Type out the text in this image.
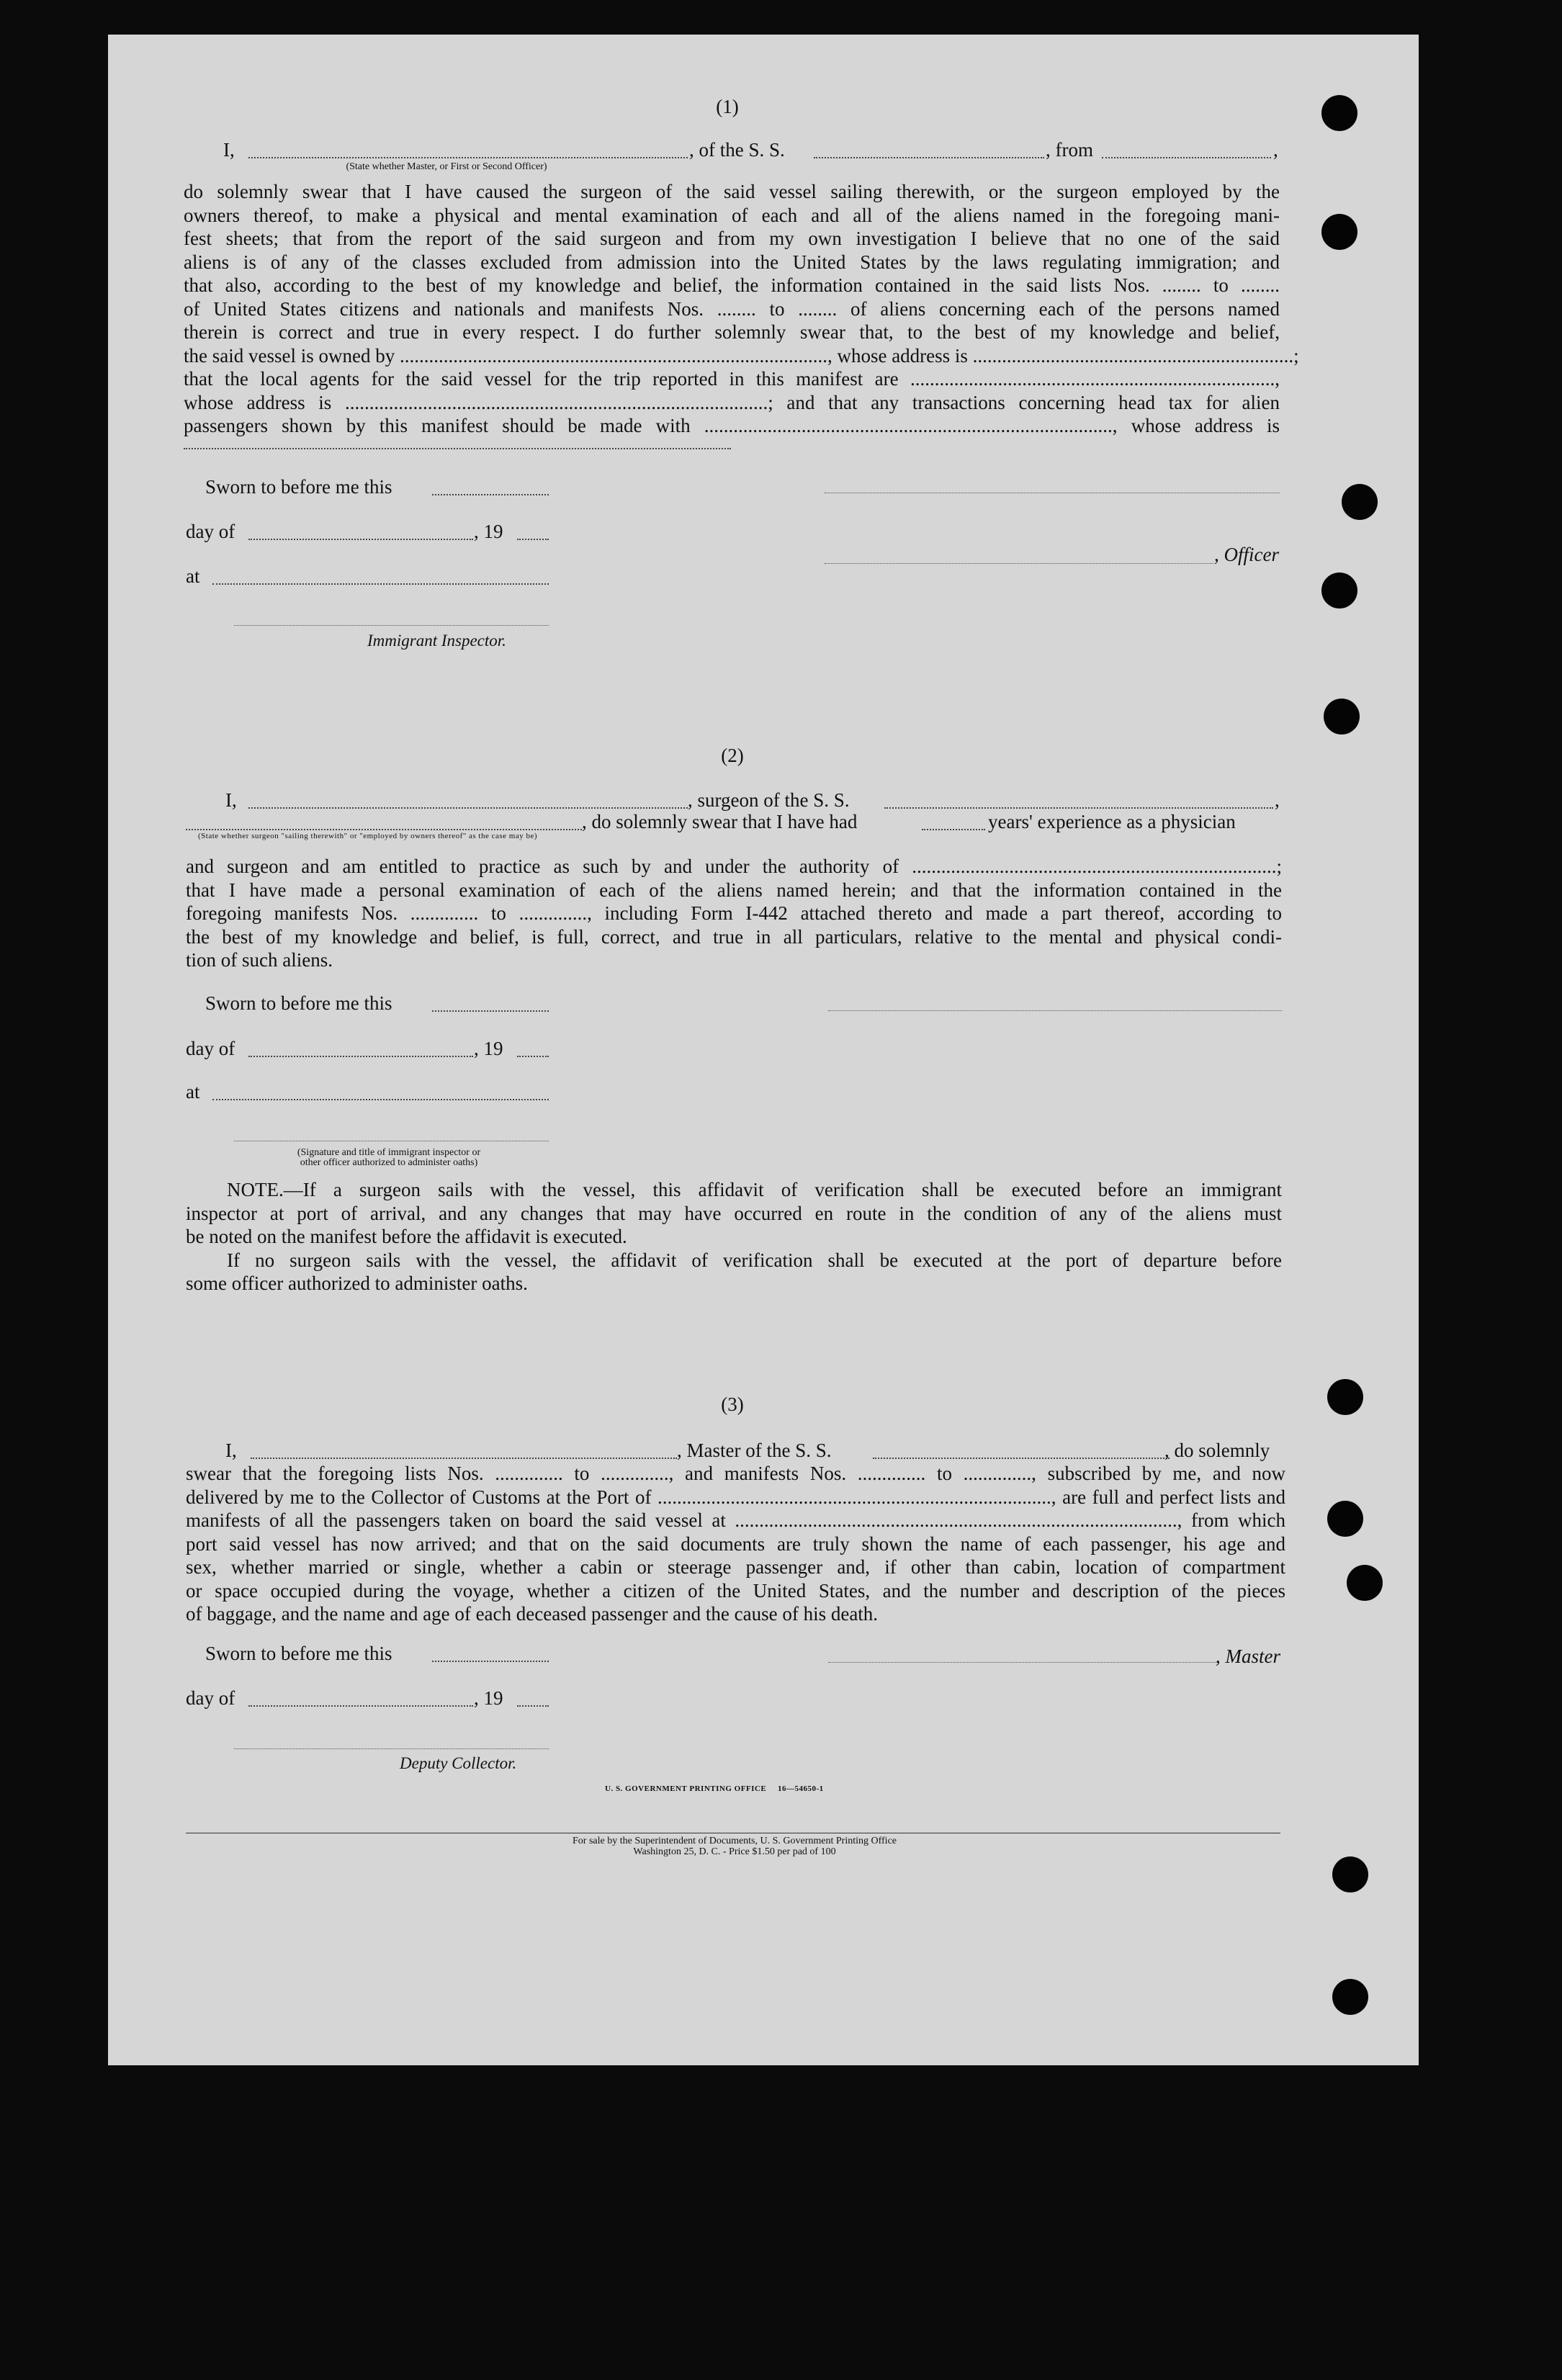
(1)
I,	, of the S. S.	, from	,
(State whether Master, or First or Second Officer)
do solemnly swear that I have caused the surgeon of the said vessel sailing therewith, or the surgeon employed by the
owners thereof, to make a physical and mental examination of each and all of the aliens named in the foregoing mani-
fest sheets; that from the report of the said surgeon and from my own investigation I believe that no one of the said
aliens is of any of the classes excluded from admission into the United States by the laws regulating immigration; and
that also, according to the best of my knowledge and belief, the information contained in the said lists Nos. ........ to ........
of United States citizens and nationals and manifests Nos. ........ to ........ of aliens concerning each of the persons named
therein is correct and true in every respect. I do further solemnly swear that, to the best of my knowledge and belief,
the said vessel is owned by ........................................................................................, whose address is ..................................................................;
that the local agents for the said vessel for the trip reported in this manifest are ...........................................................................,
whose address is .......................................................................................; and that any transactions concerning head tax for alien
passengers shown by this manifest should be made with ...................................................................................., whose address is
Sworn to before me this
day of	, 19
, Officer
at
Immigrant Inspector.
(2)
I,	, surgeon of the S. S.	,
, do solemnly swear that I have had	years' experience as a physician
(State whether surgeon "sailing therewith" or "employed by owners thereof" as the case may be)
and surgeon and am entitled to practice as such by and under the authority of ...........................................................................;
that I have made a personal examination of each of the aliens named herein; and that the information contained in the
foregoing manifests Nos. .............. to .............., including Form I-442 attached thereto and made a part thereof, according to
the best of my knowledge and belief, is full, correct, and true in all particulars, relative to the mental and physical condi-
tion of such aliens.
Sworn to before me this
day of	, 19
at
(Signature and title of immigrant inspector or
other officer authorized to administer oaths)
NOTE.—If a surgeon sails with the vessel, this affidavit of verification shall be executed before an immigrant
inspector at port of arrival, and any changes that may have occurred en route in the condition of any of the aliens must
be noted on the manifest before the affidavit is executed.
If no surgeon sails with the vessel, the affidavit of verification shall be executed at the port of departure before
some officer authorized to administer oaths.
(3)
I,	, Master of the S. S.	, do solemnly
swear that the foregoing lists Nos. .............. to .............., and manifests Nos. .............. to .............., subscribed by me, and now
delivered by me to the Collector of Customs at the Port of ................................................................................., are full and perfect lists and
manifests of all the passengers taken on board the said vessel at ..........................................................................................., from which
port said vessel has now arrived; and that on the said documents are truly shown the name of each passenger, his age and
sex, whether married or single, whether a cabin or steerage passenger and, if other than cabin, location of compartment
or space occupied during the voyage, whether a citizen of the United States, and the number and description of the pieces
of baggage, and the name and age of each deceased passenger and the cause of his death.
Sworn to before me this	, Master
day of	, 19
Deputy Collector.
U. S. GOVERNMENT PRINTING OFFICE 16—54650-1
For sale by the Superintendent of Documents, U. S. Government Printing Office
Washington 25, D. C. - Price $1.50 per pad of 100
